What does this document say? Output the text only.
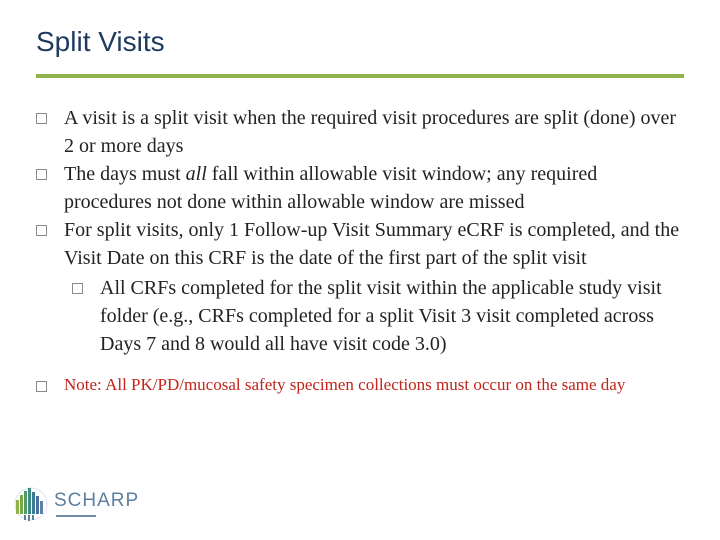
Split Visits

A visit is a split visit when the required visit procedures are split (done) over 2 or more days

The days must all fall within allowable visit window; any required procedures not done within allowable window are missed

For split visits, only 1 Follow-up Visit Summary eCRF is completed, and the Visit Date on this CRF is the date of the first part of the split visit

All CRFs completed for the split visit within the applicable study visit folder (e.g., CRFs completed for a split Visit 3 visit completed across Days 7 and 8 would all have visit code 3.0)

Note: All PK/PD/mucosal safety specimen collections must occur on the same day

SCHARP
